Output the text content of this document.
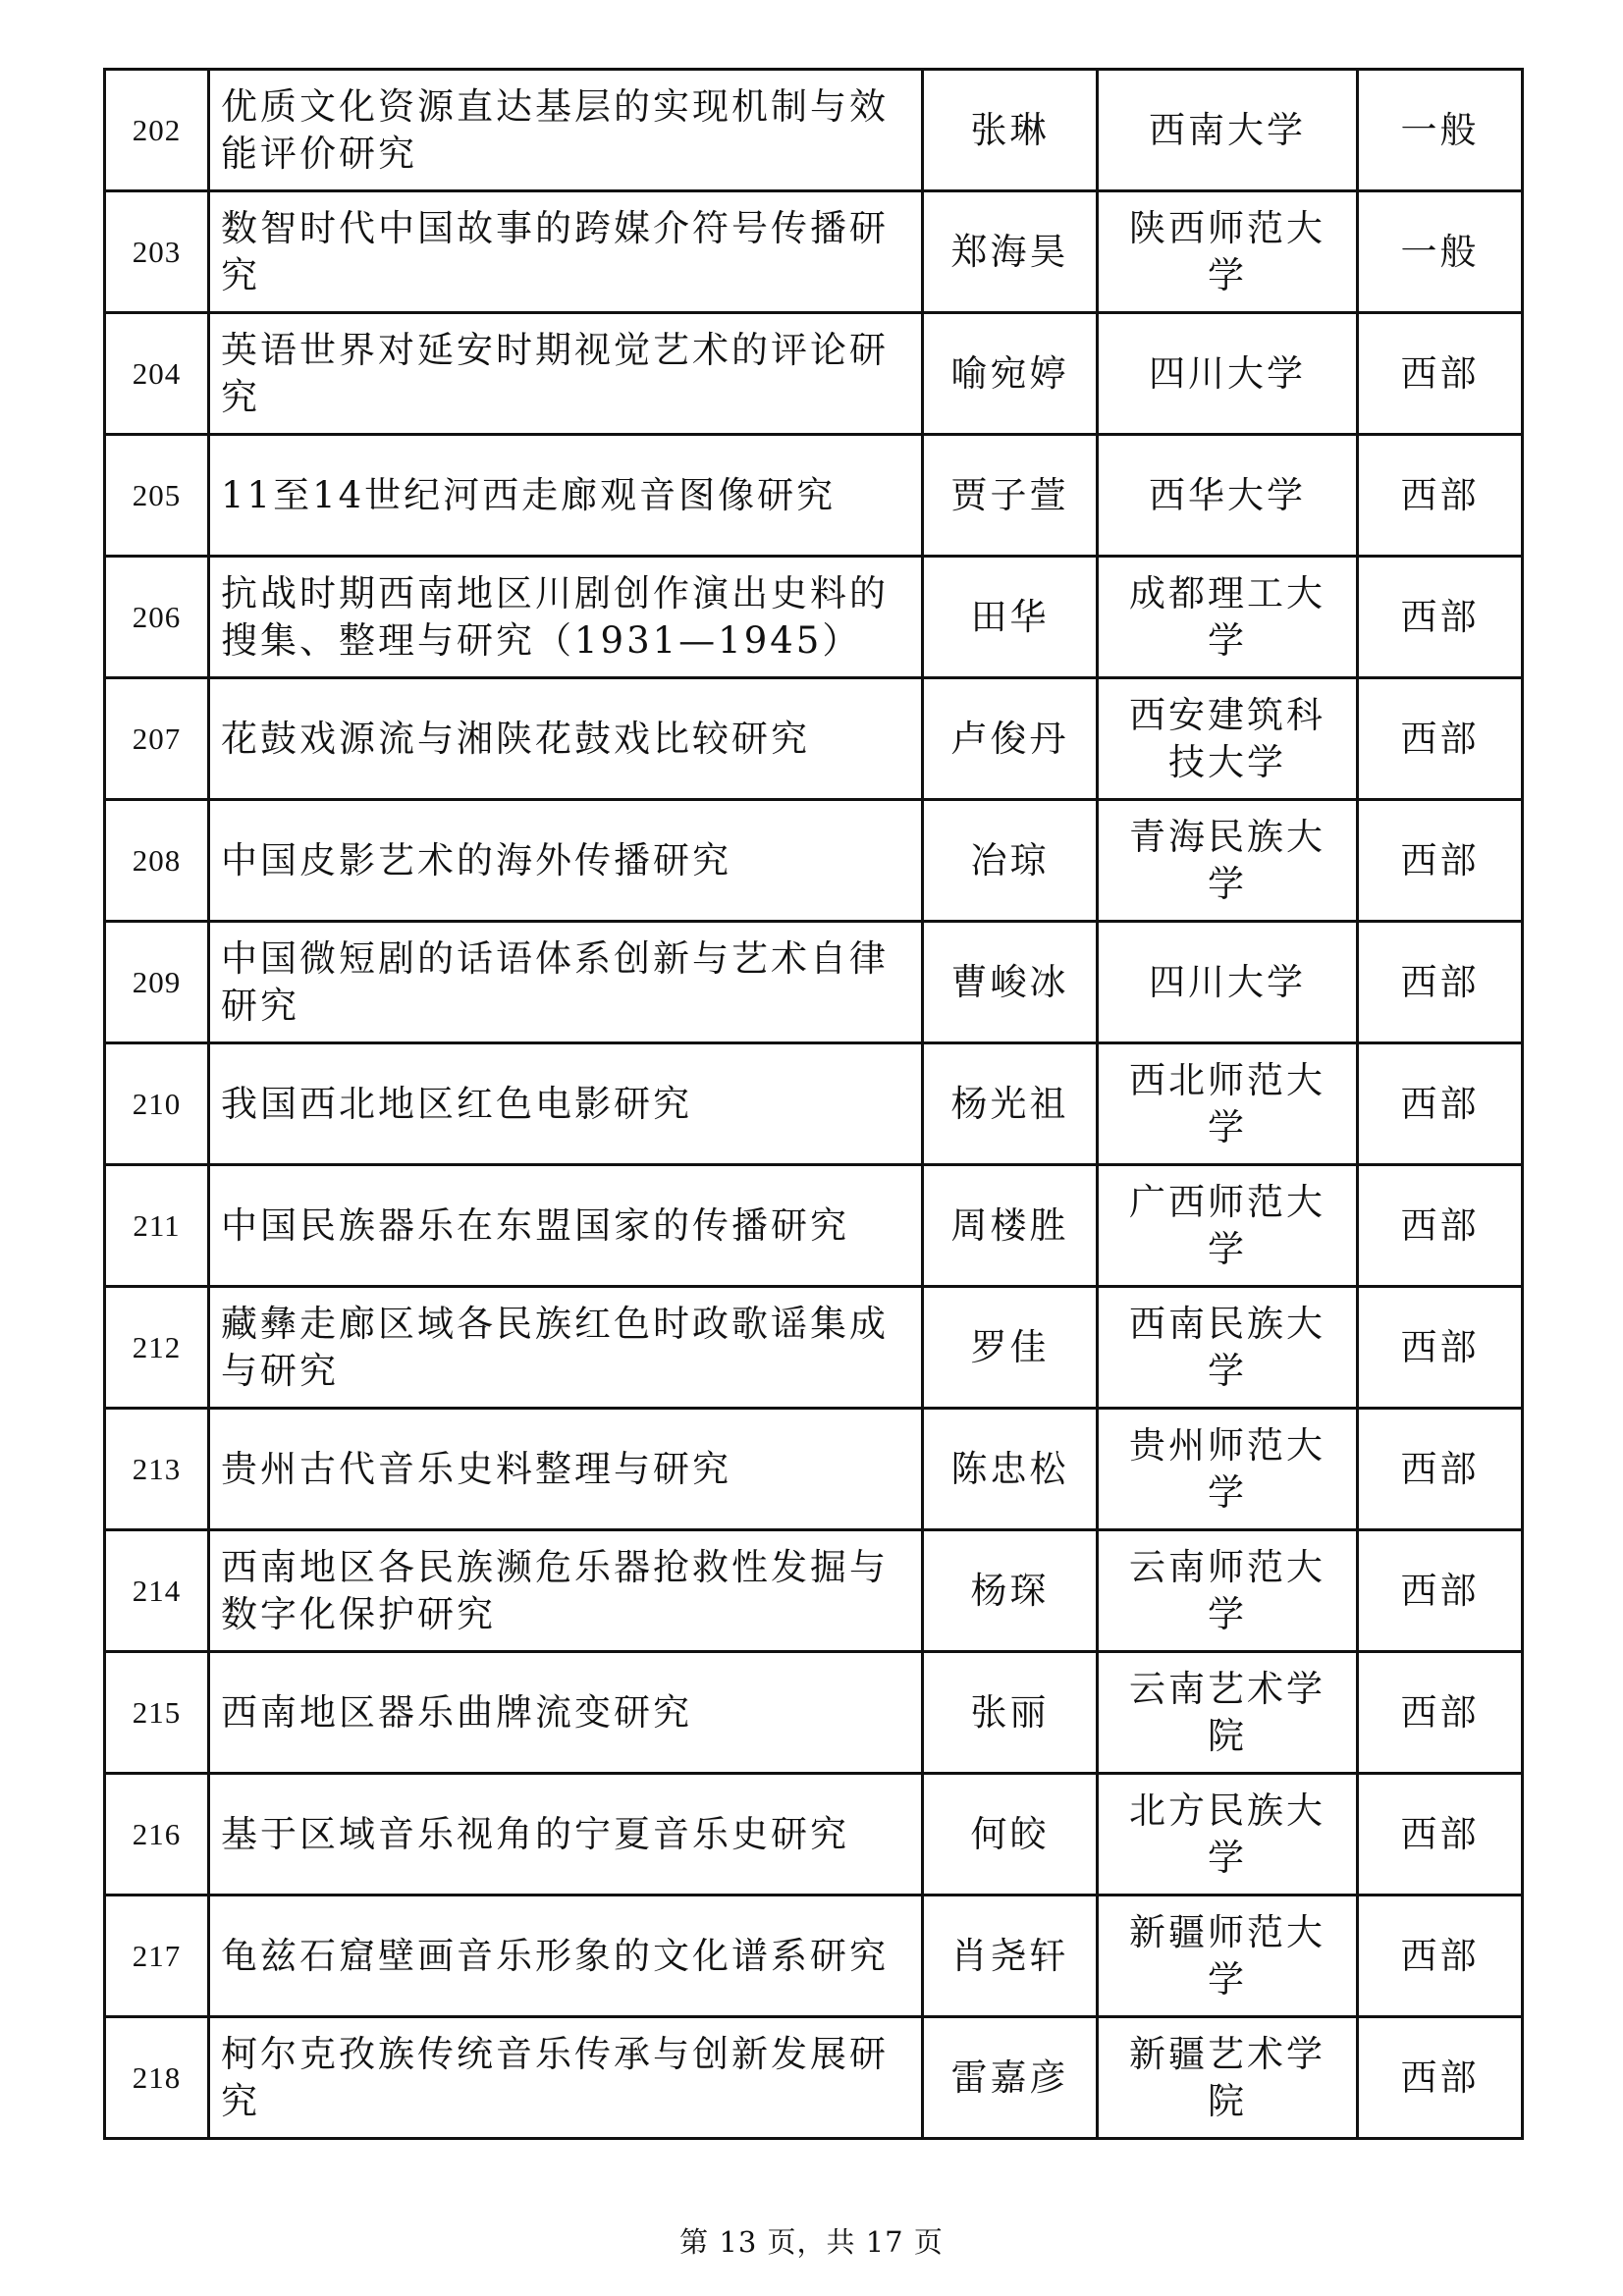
202	优质文化资源直达基层的实现机制与效能评价研究	张琳	西南大学	一般
203	数智时代中国故事的跨媒介符号传播研究	郑海昊	陕西师范大学	一般
204	英语世界对延安时期视觉艺术的评论研究	喻宛婷	四川大学	西部
205	11至14世纪河西走廊观音图像研究	贾子萱	西华大学	西部
206	抗战时期西南地区川剧创作演出史料的搜集、整理与研究（1931—1945）	田华	成都理工大学	西部
207	花鼓戏源流与湘陕花鼓戏比较研究	卢俊丹	西安建筑科技大学	西部
208	中国皮影艺术的海外传播研究	冶琼	青海民族大学	西部
209	中国微短剧的话语体系创新与艺术自律研究	曹峻冰	四川大学	西部
210	我国西北地区红色电影研究	杨光祖	西北师范大学	西部
211	中国民族器乐在东盟国家的传播研究	周楼胜	广西师范大学	西部
212	藏彝走廊区域各民族红色时政歌谣集成与研究	罗佳	西南民族大学	西部
213	贵州古代音乐史料整理与研究	陈忠松	贵州师范大学	西部
214	西南地区各民族濒危乐器抢救性发掘与数字化保护研究	杨琛	云南师范大学	西部
215	西南地区器乐曲牌流变研究	张丽	云南艺术学院	西部
216	基于区域音乐视角的宁夏音乐史研究	何皎	北方民族大学	西部
217	龟兹石窟壁画音乐形象的文化谱系研究	肖尧轩	新疆师范大学	西部
218	柯尔克孜族传统音乐传承与创新发展研究	雷嘉彦	新疆艺术学院	西部
第 13 页，共 17 页
